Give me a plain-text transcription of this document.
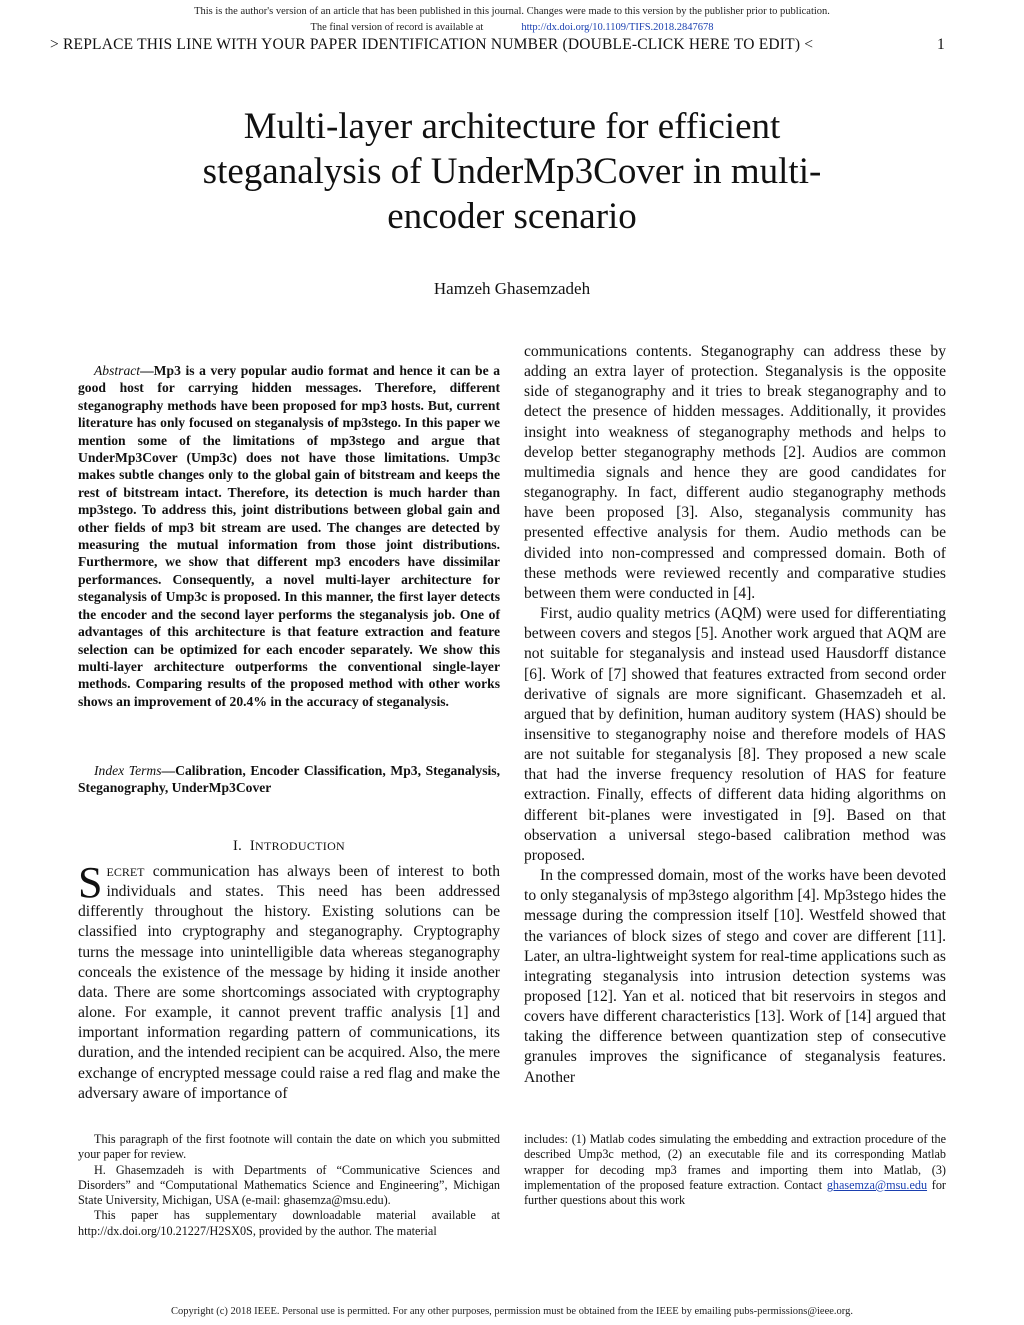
This is the author's version of an article that has been published in this journal. Changes were made to this version by the publisher prior to publication.
The final version of record is available at	http://dx.doi.org/10.1109/TIFS.2018.2847678
> REPLACE THIS LINE WITH YOUR PAPER IDENTIFICATION NUMBER (DOUBLE-CLICK HERE TO EDIT) <	1
Multi-layer architecture for efficient
steganalysis of UnderMp3Cover in multi-
encoder scenario
Hamzeh Ghasemzadeh
Abstract—Mp3 is a very popular audio format and hence it can be a good host for carrying hidden messages. Therefore, different steganography methods have been proposed for mp3 hosts. But, current literature has only focused on steganalysis of mp3stego. In this paper we mention some of the limitations of mp3stego and argue that UnderMp3Cover (Ump3c) does not have those limitations. Ump3c makes subtle changes only to the global gain of bitstream and keeps the rest of bitstream intact. Therefore, its detection is much harder than mp3stego. To address this, joint distributions between global gain and other fields of mp3 bit stream are used. The changes are detected by measuring the mutual information from those joint distributions. Furthermore, we show that different mp3 encoders have dissimilar performances. Consequently, a novel multi-layer architecture for steganalysis of Ump3c is proposed. In this manner, the first layer detects the encoder and the second layer performs the steganalysis job. One of advantages of this architecture is that feature extraction and feature selection can be optimized for each encoder separately. We show this multi-layer architecture outperforms the conventional single-layer methods. Comparing results of the proposed method with other works shows an improvement of 20.4% in the accuracy of steganalysis.
Index Terms—Calibration, Encoder Classification, Mp3, Steganalysis, Steganography, UnderMp3Cover
I. INTRODUCTION

SECRET communication has always been of interest to both individuals and states. This need has been addressed differently throughout the history. Existing solutions can be classified into cryptography and steganography. Cryptography turns the message into unintelligible data whereas steganography conceals the existence of the message by hiding it inside another data. There are some shortcomings associated with cryptography alone. For example, it cannot prevent traffic analysis [1] and important information regarding pattern of communications, its duration, and the intended recipient can be acquired. Also, the mere exchange of encrypted message could raise a red flag and make the adversary aware of importance of

communications contents. Steganography can address these by adding an extra layer of protection. Steganalysis is the opposite side of steganography and it tries to break steganography and to detect the presence of hidden messages. Additionally, it provides insight into weakness of steganography methods and helps to develop better steganography methods [2]. Audios are common multimedia signals and hence they are good candidates for steganography. In fact, different audio steganography methods have been proposed [3]. Also, steganalysis community has presented effective analysis for them. Audio methods can be divided into non-compressed and compressed domain. Both of these methods were reviewed recently and comparative studies between them were conducted in [4].

First, audio quality metrics (AQM) were used for differentiating between covers and stegos [5]. Another work argued that AQM are not suitable for steganalysis and instead used Hausdorff distance [6]. Work of [7] showed that features extracted from second order derivative of signals are more significant. Ghasemzadeh et al. argued that by definition, human auditory system (HAS) should be insensitive to steganography noise and therefore models of HAS are not suitable for steganalysis [8]. They proposed a new scale that had the inverse frequency resolution of HAS for feature extraction. Finally, effects of different data hiding algorithms on different bit-planes were investigated in [9]. Based on that observation a universal stego-based calibration method was proposed.

In the compressed domain, most of the works have been devoted to only steganalysis of mp3stego algorithm [4]. Mp3stego hides the message during the compression itself [10]. Westfeld showed that the variances of block sizes of stego and cover are different [11]. Later, an ultra-lightweight system for real-time applications such as integrating steganalysis into intrusion detection systems was proposed [12]. Yan et al. noticed that bit reservoirs in stegos and covers have different characteristics [13]. Work of [14] argued that taking the difference between quantization step of consecutive granules improves the significance of steganalysis features. Another

This paragraph of the first footnote will contain the date on which you submitted your paper for review.

H. Ghasemzadeh is with Departments of “Communicative Sciences and Disorders” and “Computational Mathematics Science and Engineering”, Michigan State University, Michigan, USA (e-mail: ghasemza@msu.edu).

This paper has supplementary downloadable material available at http://dx.doi.org/10.21227/H2SX0S, provided by the author. The material

includes: (1) Matlab codes simulating the embedding and extraction procedure of the described Ump3c method, (2) an executable file and its corresponding Matlab wrapper for decoding mp3 frames and importing them into Matlab, (3) implementation of the proposed feature extraction. Contact ghasemza@msu.edu for further questions about this work

Copyright (c) 2018 IEEE. Personal use is permitted. For any other purposes, permission must be obtained from the IEEE by emailing pubs-permissions@ieee.org.
